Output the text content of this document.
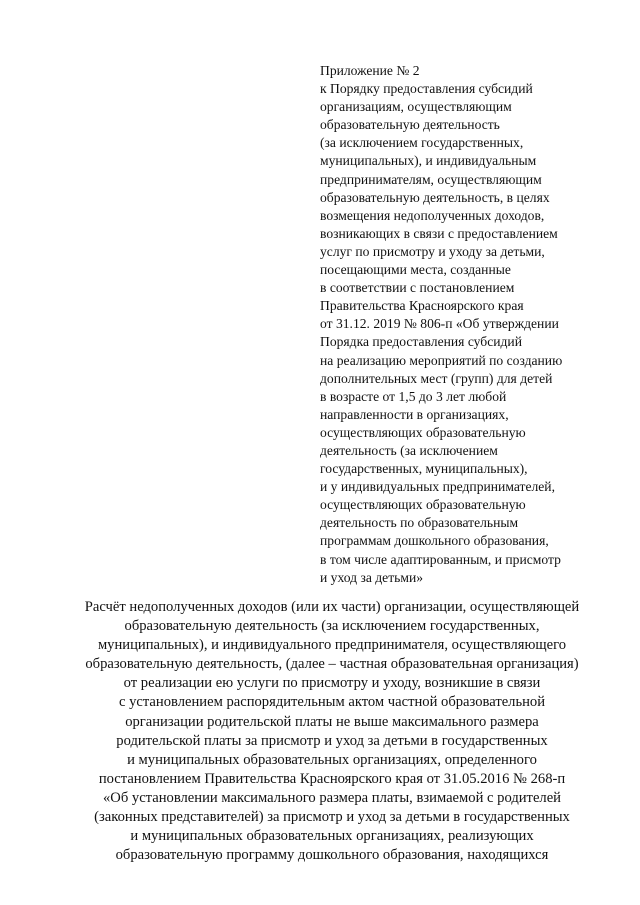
Приложение № 2
к Порядку предоставления субсидий
организациям, осуществляющим
образовательную деятельность
(за исключением государственных,
муниципальных), и индивидуальным
предпринимателям, осуществляющим
образовательную деятельность, в целях
возмещения недополученных доходов,
возникающих в связи с предоставлением
услуг по присмотру и уходу за детьми,
посещающими места, созданные
в соответствии с постановлением
Правительства Красноярского края
от 31.12. 2019 № 806-п «Об утверждении
Порядка предоставления субсидий
на реализацию мероприятий по созданию
дополнительных мест (групп) для детей
в возрасте от 1,5 до 3 лет любой
направленности в организациях,
осуществляющих образовательную
деятельность (за исключением
государственных, муниципальных),
и у индивидуальных предпринимателей,
осуществляющих образовательную
деятельность по образовательным
программам дошкольного образования,
в том числе адаптированным, и присмотр
и уход за детьми»
Расчёт недополученных доходов (или их части) организации, осуществляющей
образовательную деятельность (за исключением государственных,
муниципальных), и индивидуального предпринимателя, осуществляющего
образовательную деятельность, (далее – частная образовательная организация)
от реализации ею услуги по присмотру и уходу, возникшие в связи
с установлением распорядительным актом частной образовательной
организации родительской платы не выше максимального размера
родительской платы за присмотр и уход за детьми в государственных
и муниципальных образовательных организациях, определенного
постановлением Правительства Красноярского края от 31.05.2016 № 268-п
«Об установлении максимального размера платы, взимаемой с родителей
(законных представителей) за присмотр и уход за детьми в государственных
и муниципальных образовательных организациях, реализующих
образовательную программу дошкольного образования, находящихся
